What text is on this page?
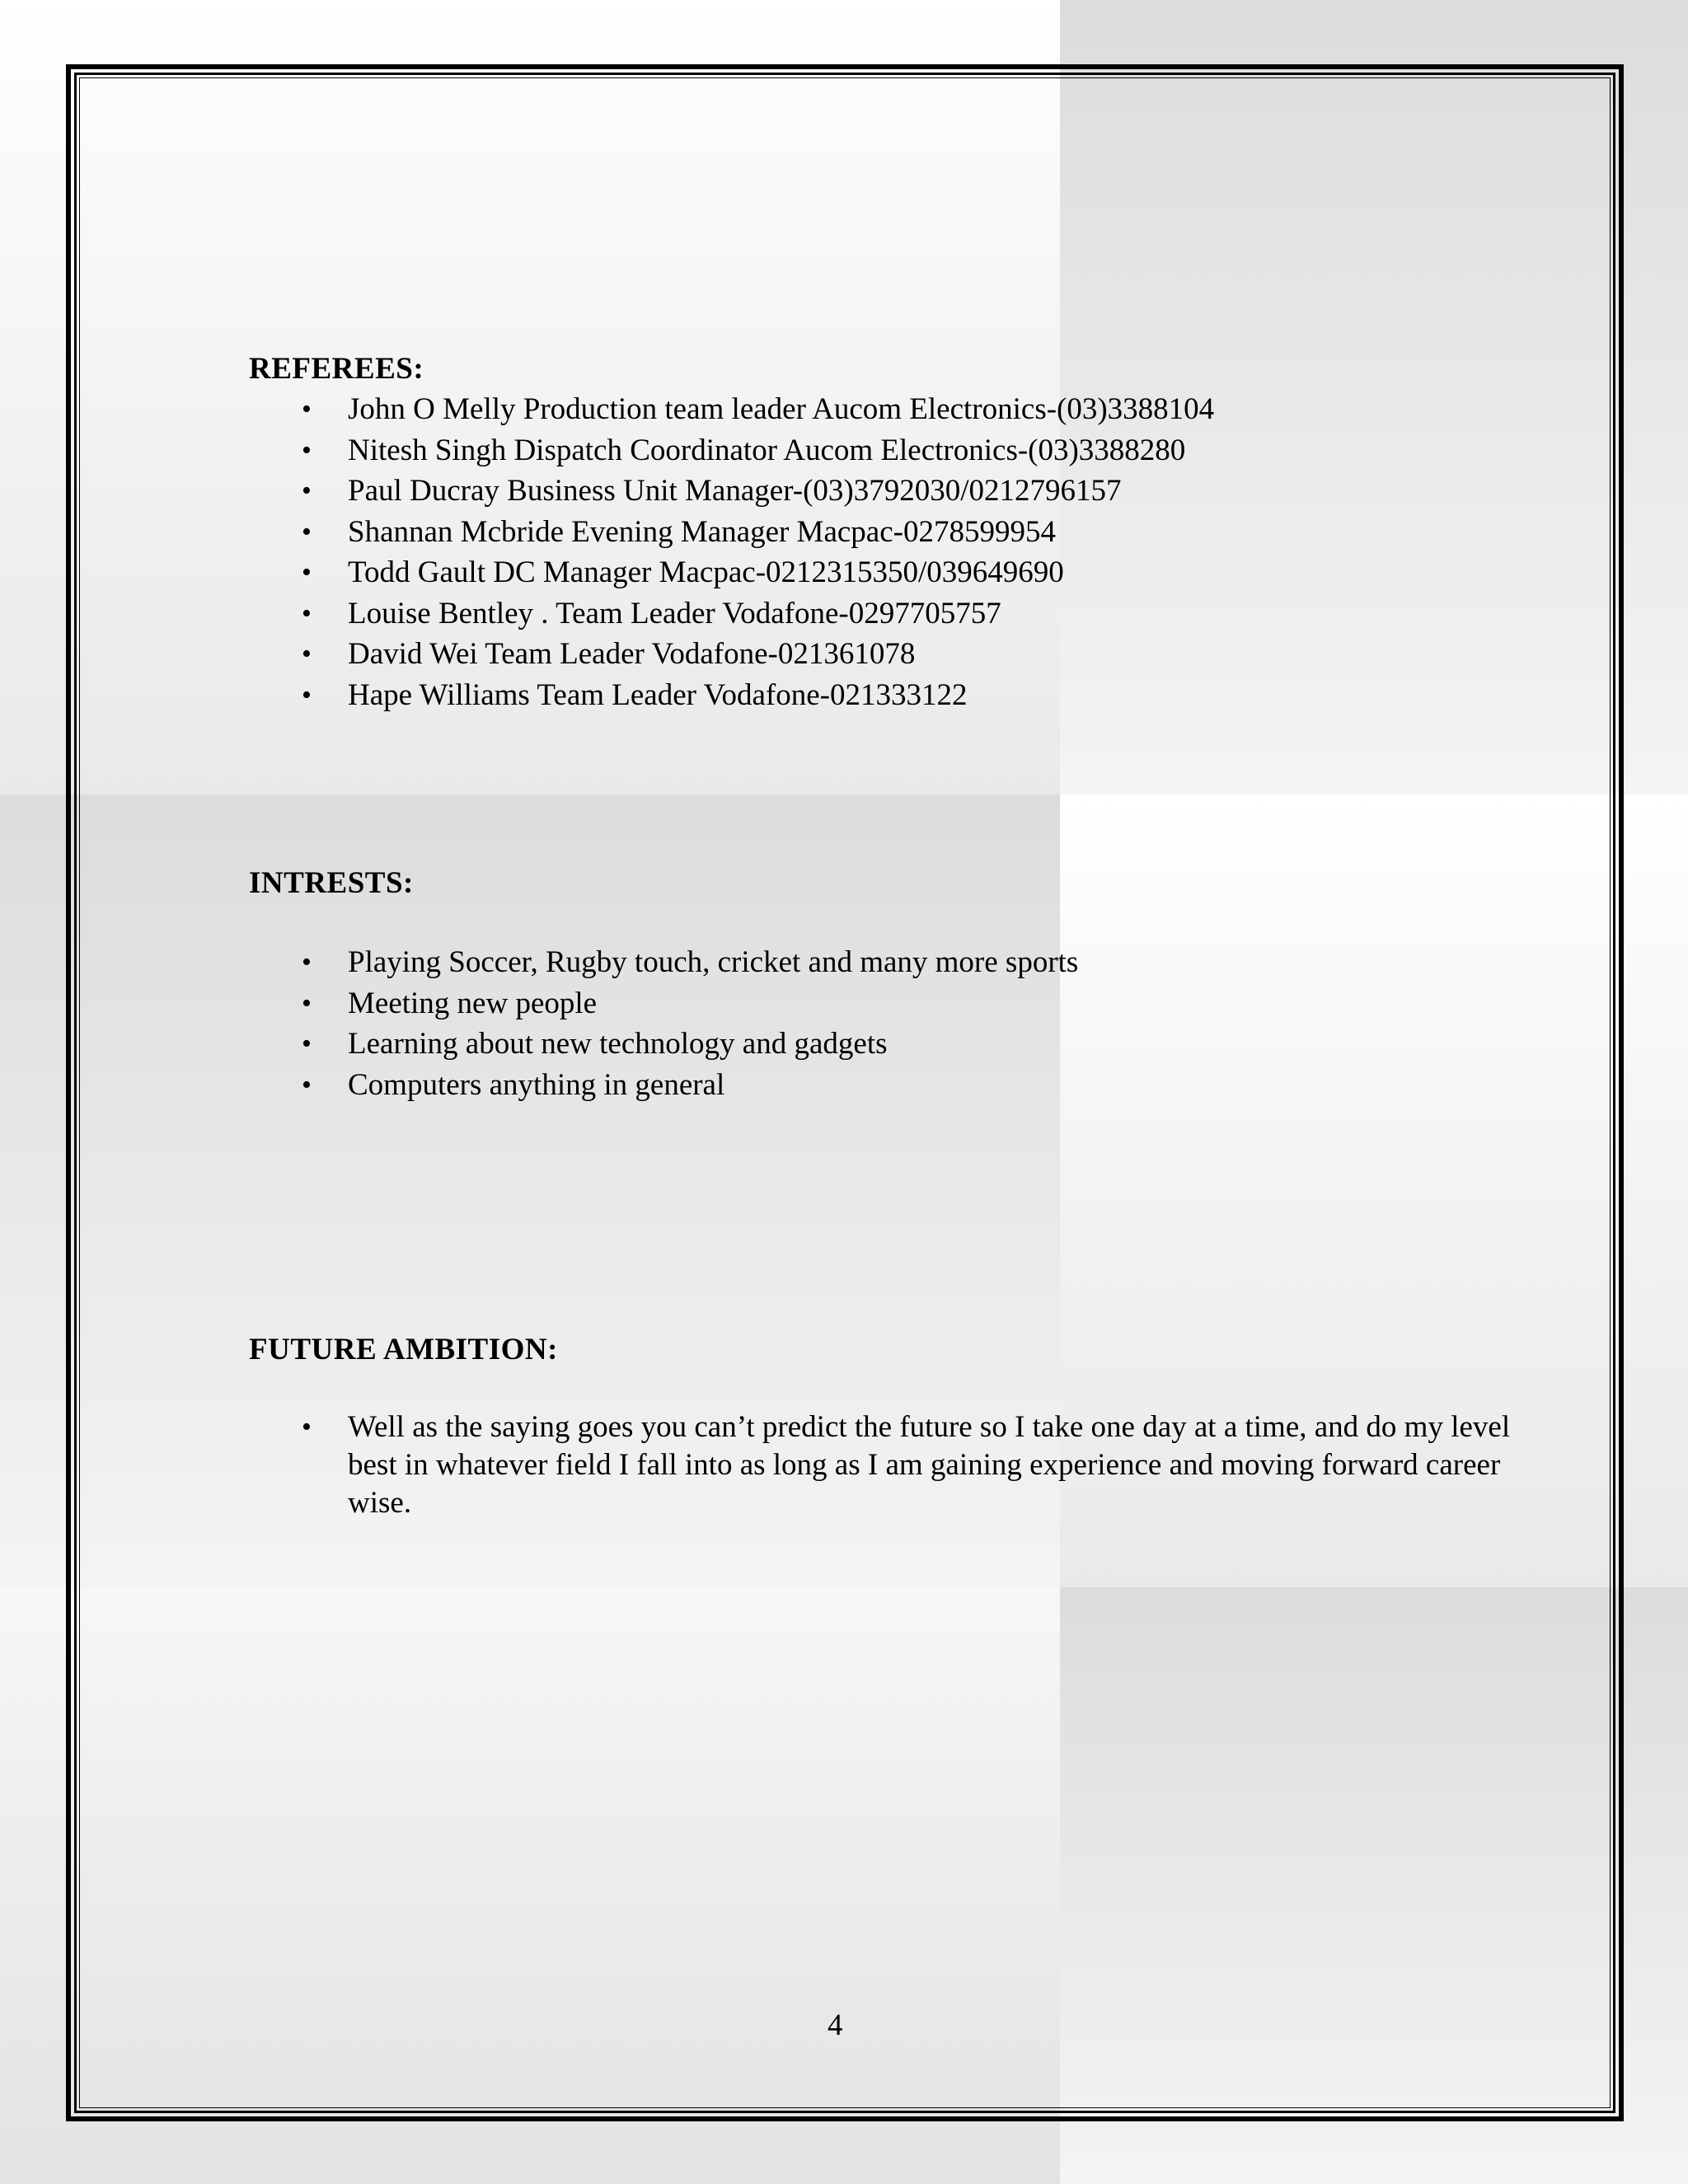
REFEREES:
• John O Melly Production team leader Aucom Electronics-(03)3388104
• Nitesh Singh Dispatch Coordinator Aucom Electronics-(03)3388280
• Paul Ducray Business Unit Manager-(03)3792030/0212796157
• Shannan Mcbride Evening Manager Macpac-0278599954
• Todd Gault DC Manager Macpac-0212315350/039649690
• Louise Bentley . Team Leader Vodafone-0297705757
• David Wei Team Leader Vodafone-021361078
• Hape Williams Team Leader Vodafone-021333122
INTRESTS:
• Playing Soccer, Rugby touch, cricket and many more sports
• Meeting new people
• Learning about new technology and gadgets
• Computers anything in general
FUTURE AMBITION:
• Well as the saying goes you can’t predict the future so I take one day at a time, and do my level best in whatever field I fall into as long as I am gaining experience and moving forward career wise.
4
